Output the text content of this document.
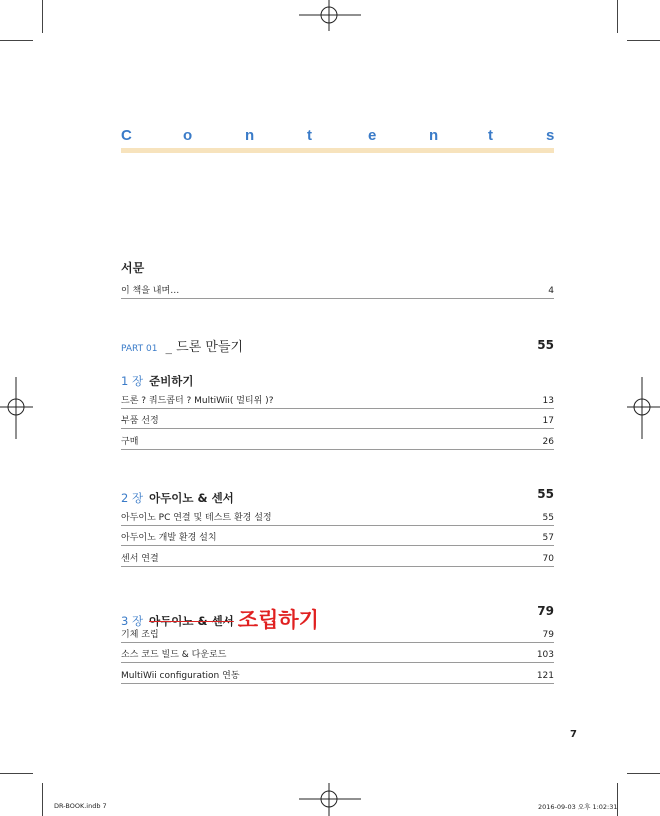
C	o	n	t	e	n	t	s
서문
이 책을 내며…	4
PART 01 _ 드론 만들기	55
1 장 준비하기
드론 ? 쿼드콥터 ? MultiWii( 멀티위 )?	13
부품 선정	17
구매	26
2 장 아두이노 & 센서	55
아두이노 PC 연결 및 테스트 환경 설정	55
아두이노 개발 환경 설치	57
센서 연결	70
3 장 아두이노 & 센서 조립하기	79
기체 조립	79
소스 코드 빌드 & 다운로드	103
MultiWii configuration 연동	121
7
DR-BOOK.indb 7	2016-09-03 오후 1:02:31
